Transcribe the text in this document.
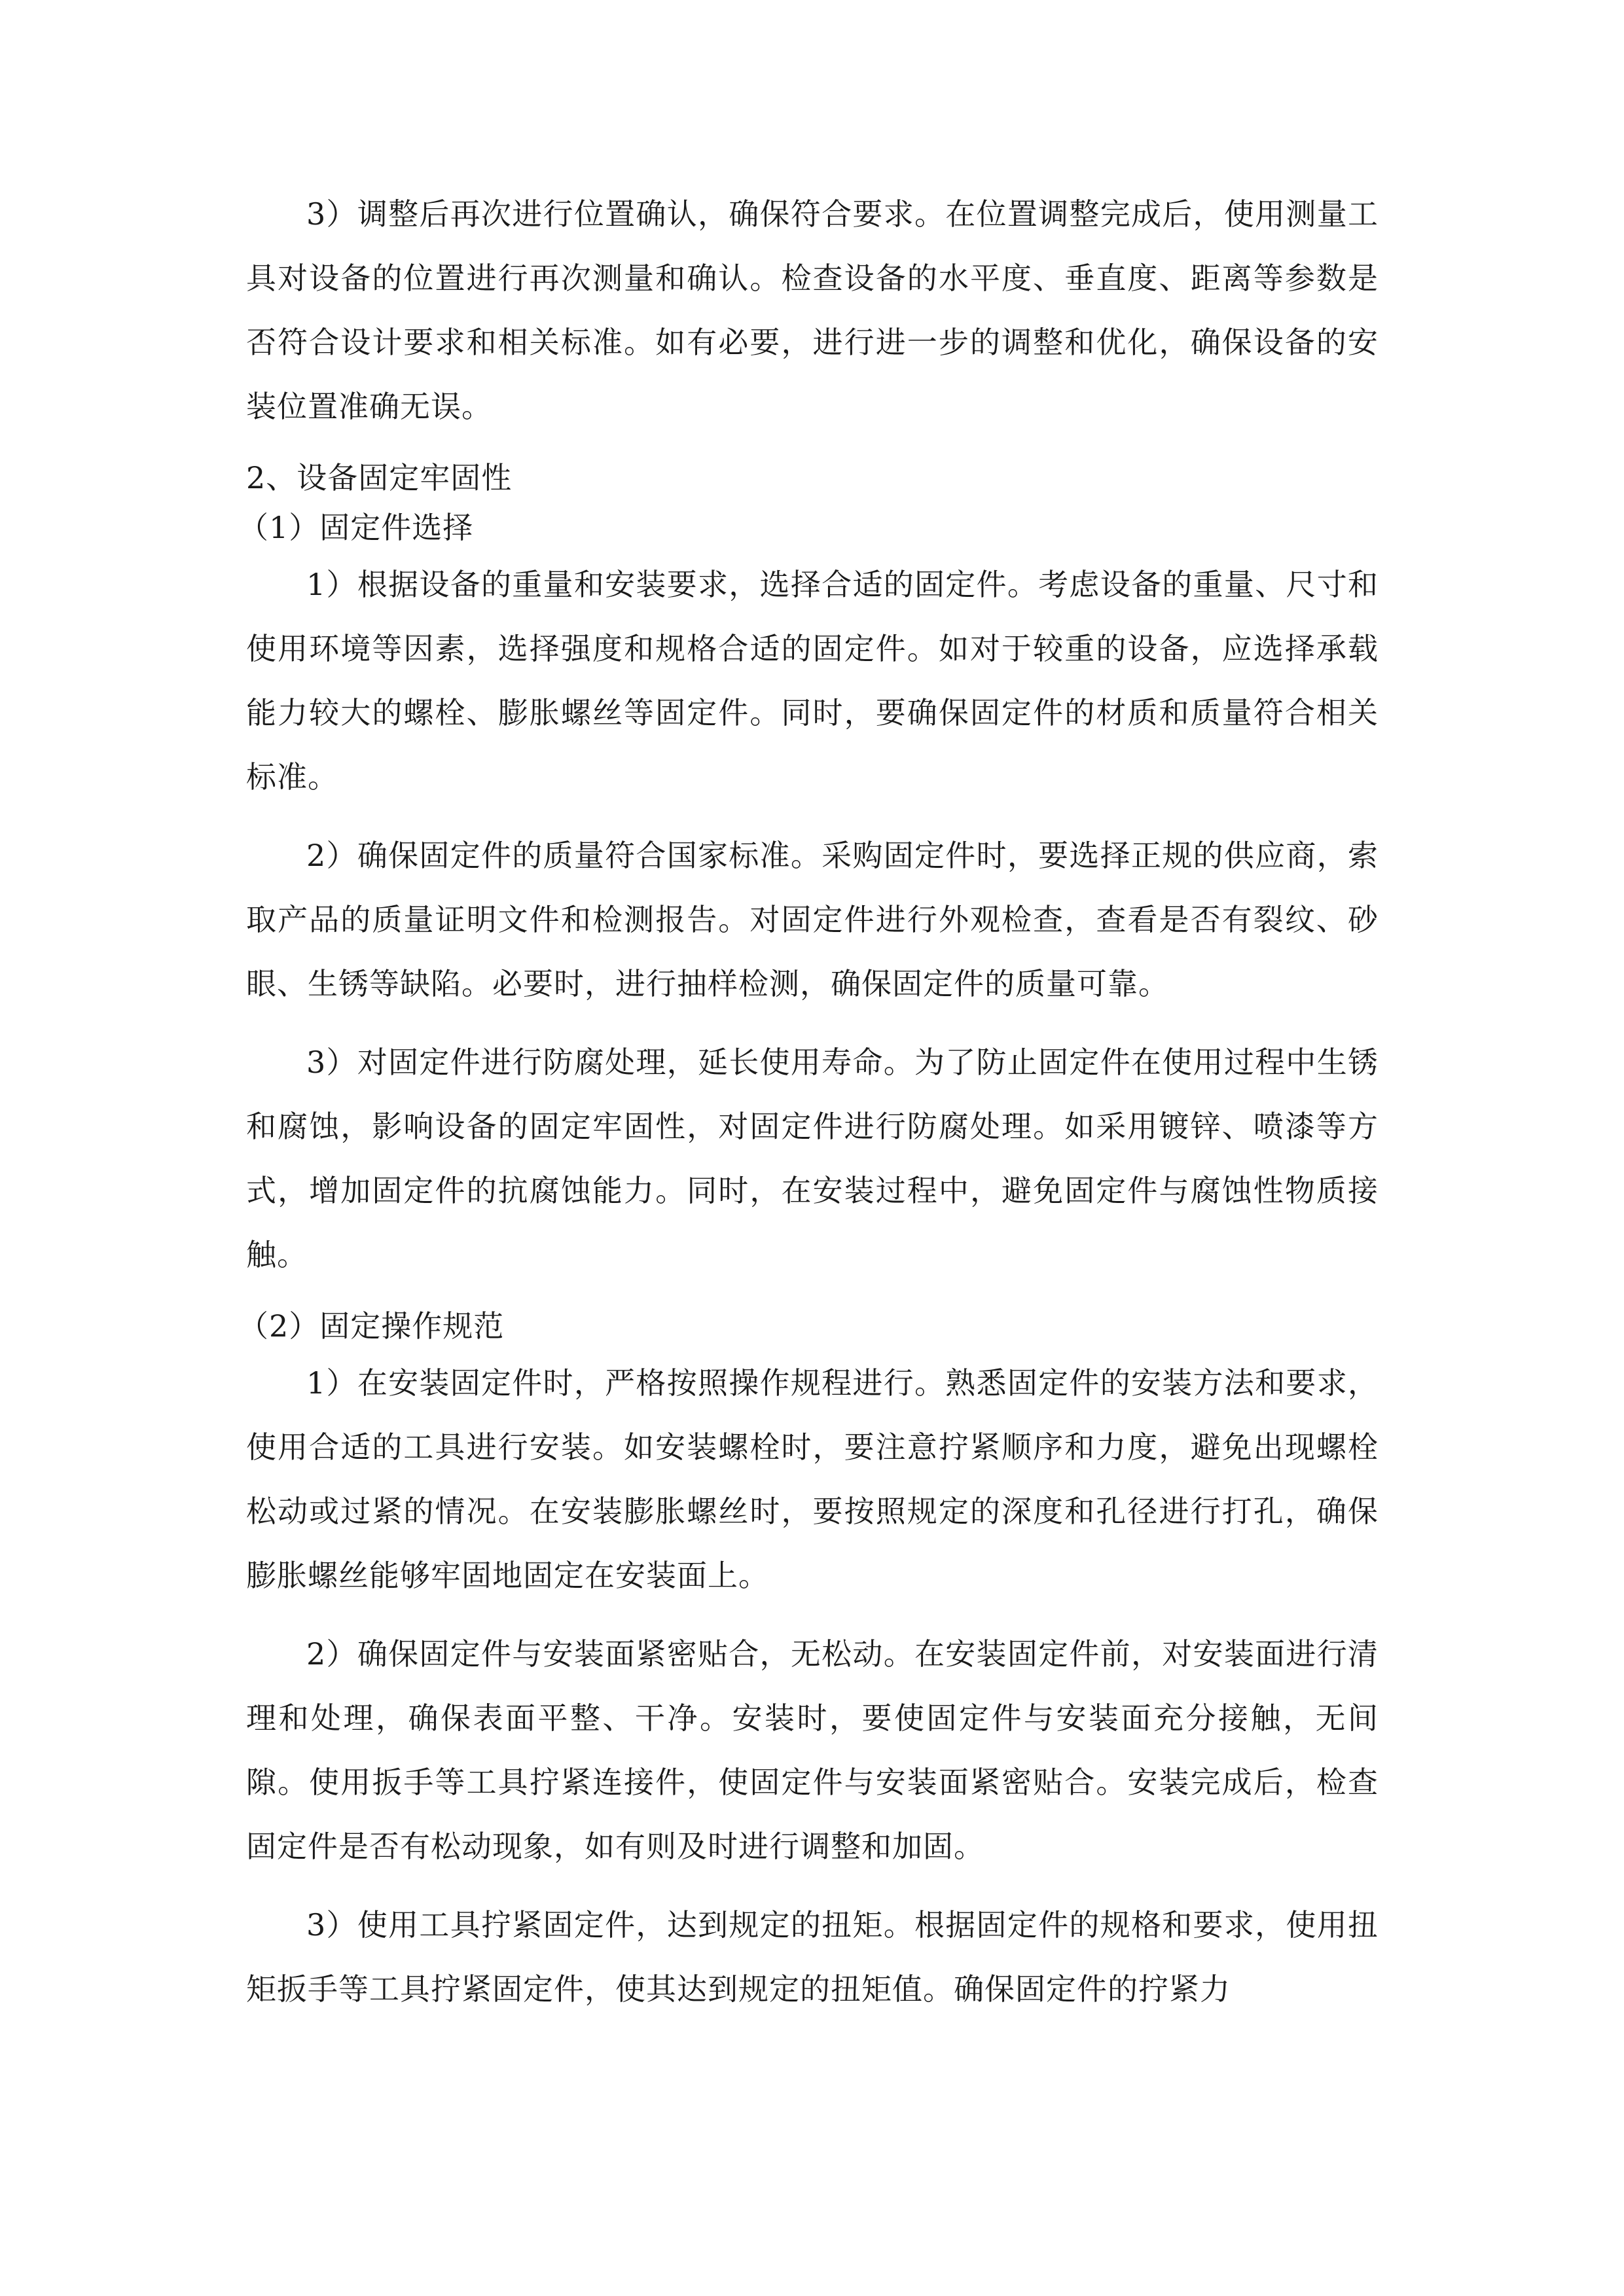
3）调整后再次进行位置确认，确保符合要求。在位置调整完成后，使用测量工具对设备的位置进行再次测量和确认。检查设备的水平度、垂直度、距离等参数是否符合设计要求和相关标准。如有必要，进行进一步的调整和优化，确保设备的安装位置准确无误。

2、设备固定牢固性

（1）固定件选择

1）根据设备的重量和安装要求，选择合适的固定件。考虑设备的重量、尺寸和使用环境等因素，选择强度和规格合适的固定件。如对于较重的设备，应选择承载能力较大的螺栓、膨胀螺丝等固定件。同时，要确保固定件的材质和质量符合相关标准。

2）确保固定件的质量符合国家标准。采购固定件时，要选择正规的供应商，索取产品的质量证明文件和检测报告。对固定件进行外观检查，查看是否有裂纹、砂眼、生锈等缺陷。必要时，进行抽样检测，确保固定件的质量可靠。

3）对固定件进行防腐处理，延长使用寿命。为了防止固定件在使用过程中生锈和腐蚀，影响设备的固定牢固性，对固定件进行防腐处理。如采用镀锌、喷漆等方式，增加固定件的抗腐蚀能力。同时，在安装过程中，避免固定件与腐蚀性物质接触。

（2）固定操作规范

1）在安装固定件时，严格按照操作规程进行。熟悉固定件的安装方法和要求，使用合适的工具进行安装。如安装螺栓时，要注意拧紧顺序和力度，避免出现螺栓松动或过紧的情况。在安装膨胀螺丝时，要按照规定的深度和孔径进行打孔，确保膨胀螺丝能够牢固地固定在安装面上。

2）确保固定件与安装面紧密贴合，无松动。在安装固定件前，对安装面进行清理和处理，确保表面平整、干净。安装时，要使固定件与安装面充分接触，无间隙。使用扳手等工具拧紧连接件，使固定件与安装面紧密贴合。安装完成后，检查固定件是否有松动现象，如有则及时进行调整和加固。

3）使用工具拧紧固定件，达到规定的扭矩。根据固定件的规格和要求，使用扭矩扳手等工具拧紧固定件，使其达到规定的扭矩值。确保固定件的拧紧力
